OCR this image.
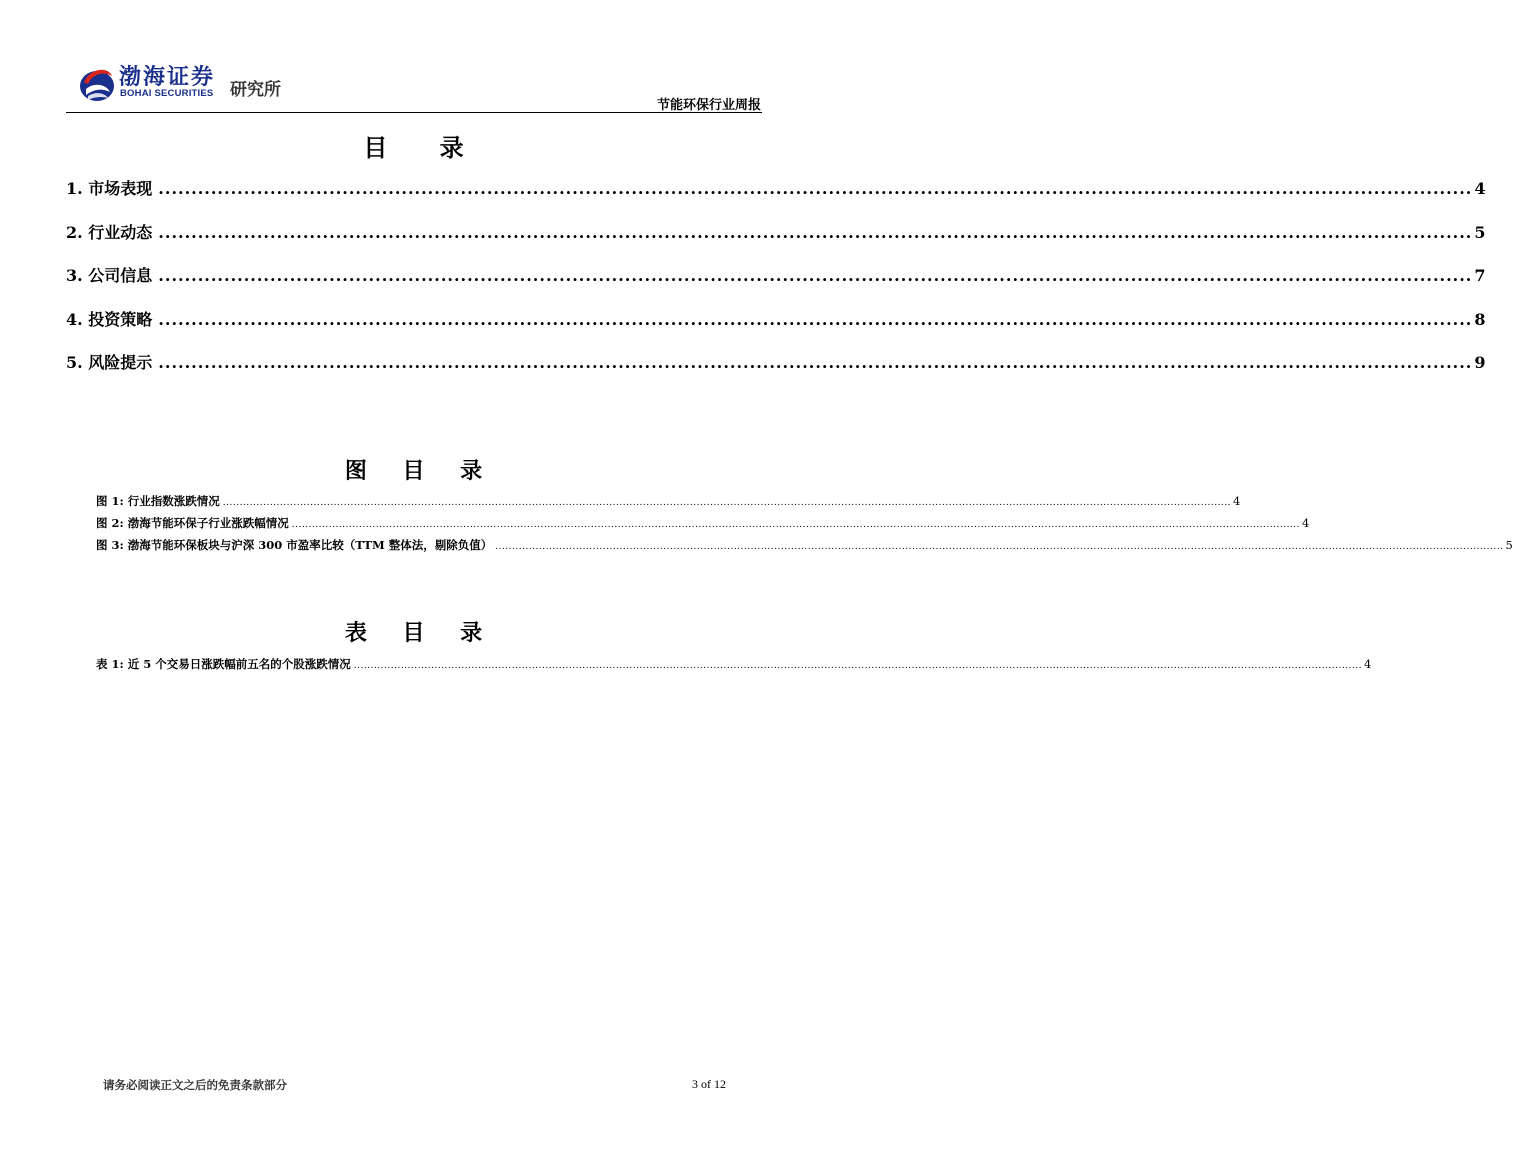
渤海证券
BOHAI SECURITIES 研究所
节能环保行业周报
目 录
1.
市场表现 ........................................................................................................................................................................................................ 4
2.
行业动态 ........................................................................................................................................................................................................ 5
3.
公司信息 ........................................................................................................................................................................................................ 7
4.
投资策略 ........................................................................................................................................................................................................ 8
5.
风险提示 ........................................................................................................................................................................................................ 9
图 目 录
图 1: 行业指数涨跌情况 ............................................................................................................................................................................................................................................................................................................ 4
图 2: 渤海节能环保子行业涨跌幅情况 ............................................................................................................................................................................................................................................................................................................ 4
图 3: 渤海节能环保板块与沪深 300 市盈率比较（TTM 整体法，剔除负值） ............................................................................................................................................................................................................................................................................................................ 5
表 目 录
表 1: 近 5 个交易日涨跌幅前五名的个股涨跌情况 ............................................................................................................................................................................................................................................................................................................ 4
请务必阅读正文之后的免责条款部分	3 of 12
